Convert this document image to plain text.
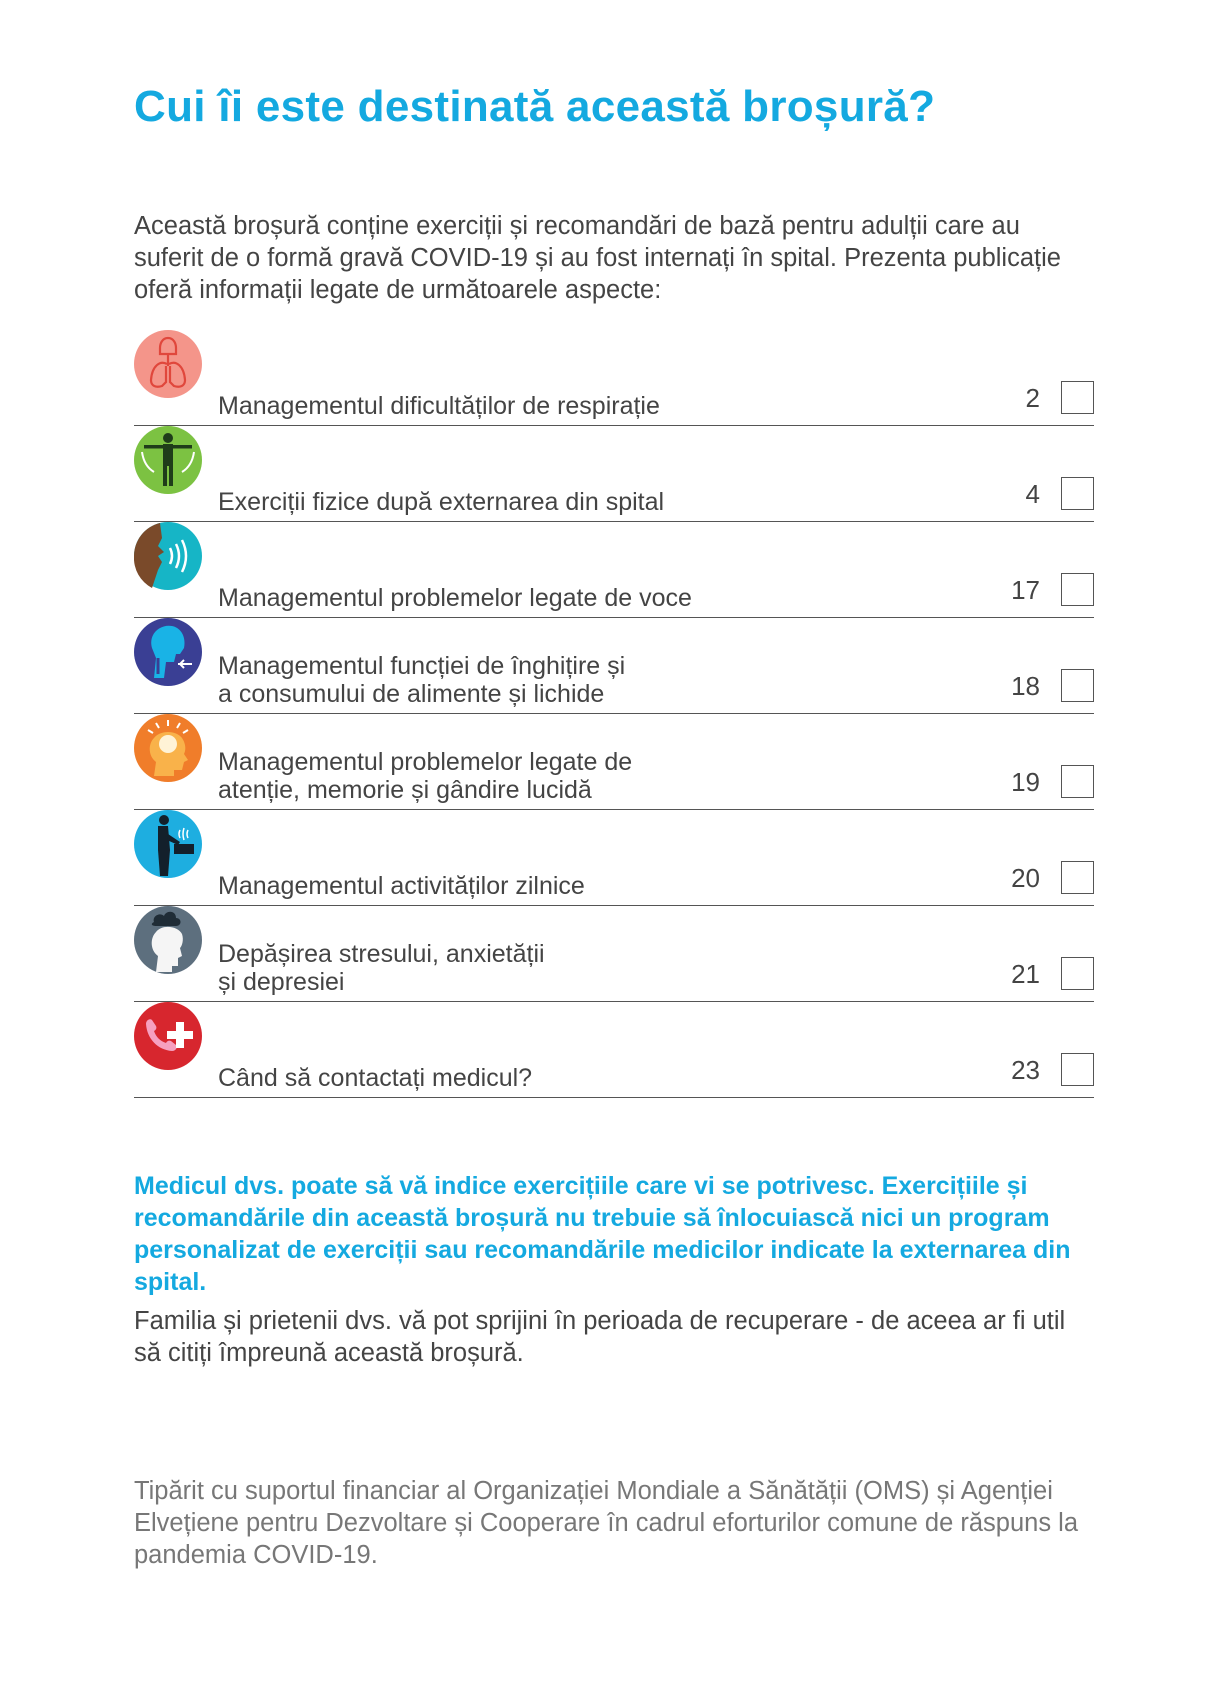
Cui îi este destinată această broșură?

Această broșură conține exerciții și recomandări de bază pentru adulții care au suferit de o formă gravă COVID-19 și au fost internați în spital. Prezenta publicație oferă informații legate de următoarele aspecte:

Managementul dificultăților de respirație	2
Exerciții fizice după externarea din spital	4
Managementul problemelor legate de voce	17
Managementul funcției de înghițire și
a consumului de alimente și lichide	18
Managementul problemelor legate de
atenție, memorie și gândire lucidă	19
Managementul activităților zilnice	20
Depășirea stresului, anxietății
și depresiei	21
Când să contactați medicul?	23

Medicul dvs. poate să vă indice exercițiile care vi se potrivesc. Exercițiile și recomandările din această broșură nu trebuie să înlocuiască nici un program personalizat de exerciții sau recomandările medicilor indicate la externarea din spital.

Familia și prietenii dvs. vă pot sprijini în perioada de recuperare - de aceea ar fi util să citiți împreună această broșură.

Tipărit cu suportul financiar al Organizației Mondiale a Sănătății (OMS) și Agenției Elvețiene pentru Dezvoltare și Cooperare în cadrul eforturilor comune de răspuns la pandemia COVID-19.
